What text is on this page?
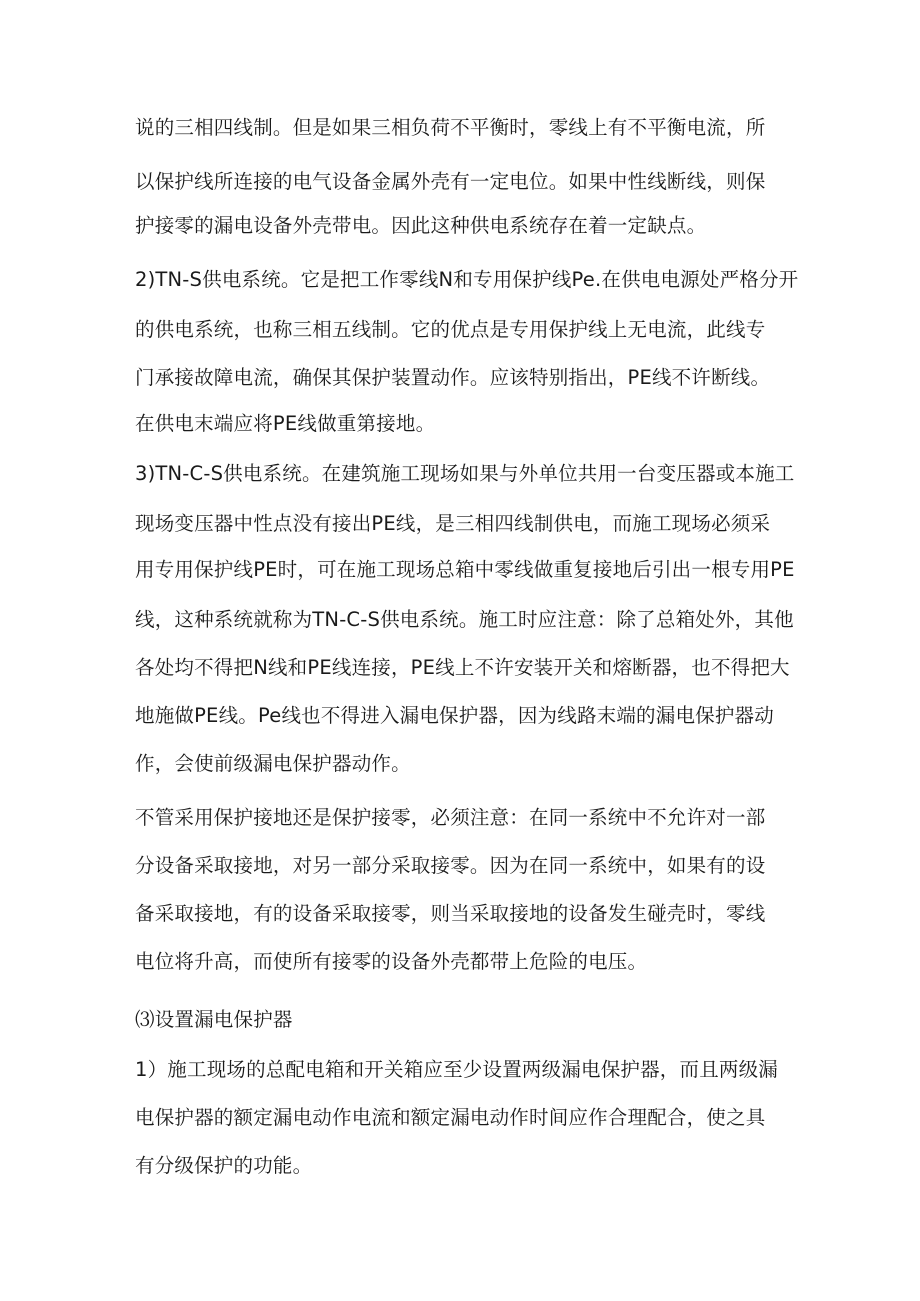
说的三相四线制。但是如果三相负荷不平衡时，零线上有不平衡电流，所
以保护线所连接的电气设备金属外壳有一定电位。如果中性线断线，则保
护接零的漏电设备外壳带电。因此这种供电系统存在着一定缺点。
2)TN-S供电系统。它是把工作零线N和专用保护线Pe.在供电电源处严格分开
的供电系统，也称三相五线制。它的优点是专用保护线上无电流，此线专
门承接故障电流，确保其保护装置动作。应该特别指出，PE线不许断线。
在供电末端应将PE线做重第接地。
3)TN-C-S供电系统。在建筑施工现场如果与外单位共用一台变压器或本施工
现场变压器中性点没有接出PE线，是三相四线制供电，而施工现场必须采
用专用保护线PE时，可在施工现场总箱中零线做重复接地后引出一根专用PE
线，这种系统就称为TN-C-S供电系统。施工时应注意：除了总箱处外，其他
各处均不得把N线和PE线连接，PE线上不许安装开关和熔断器，也不得把大
地施做PE线。Pe线也不得进入漏电保护器，因为线路末端的漏电保护器动
作，会使前级漏电保护器动作。
不管采用保护接地还是保护接零，必须注意：在同一系统中不允许对一部
分设备采取接地，对另一部分采取接零。因为在同一系统中，如果有的设
备采取接地，有的设备采取接零，则当采取接地的设备发生碰壳时，零线
电位将升高，而使所有接零的设备外壳都带上危险的电压。
⑶设置漏电保护器
1）施工现场的总配电箱和开关箱应至少设置两级漏电保护器，而且两级漏
电保护器的额定漏电动作电流和额定漏电动作时间应作合理配合，使之具
有分级保护的功能。
